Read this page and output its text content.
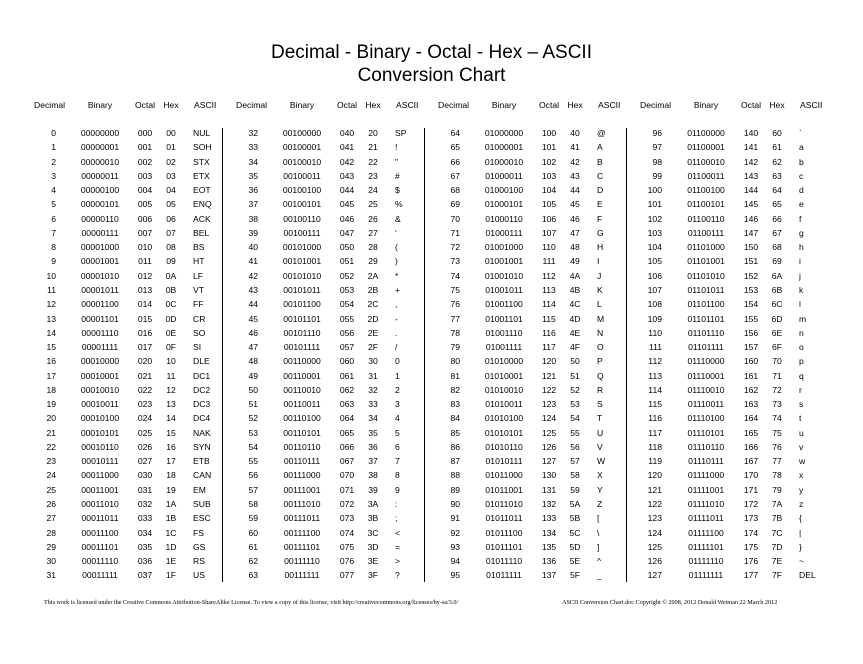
Decimal - Binary - Octal - Hex – ASCII
Conversion Chart
Decimal	Binary	Octal Hex	ASCII
0	00000000	000	00	NUL
1	00000001	001	01	SOH
2	00000010	002	02	STX
3	00000011	003	03	ETX
4	00000100	004	04	EOT
5	00000101	005	05	ENQ
6	00000110	006	06	ACK
7	00000111	007	07	BEL
8	00001000	010	08	BS
9	00001001	011	09	HT
10	00001010	012	0A	LF
11	00001011	013	0B	VT
12	00001100	014	0C	FF
13	00001101	015	0D	CR
14	00001110	016	0E	SO
15	00001111	017	0F	SI
16	00010000	020	10	DLE
17	00010001	021	11	DC1
18	00010010	022	12	DC2
19	00010011	023	13	DC3
20	00010100	024	14	DC4
21	00010101	025	15	NAK
22	00010110	026	16	SYN
23	00010111	027	17	ETB
24	00011000	030	18	CAN
25	00011001	031	19	EM
26	00011010	032	1A	SUB
27	00011011	033	1B	ESC
28	00011100	034	1C	FS
29	00011101	035	1D	GS
30	00011110	036	1E	RS
31	00011111	037	1F	US
Decimal	Binary	Octal Hex	ASCII
32	00100000	040	20	SP
33	00100001	041	21	!
34	00100010	042	22	"
35	00100011	043	23	#
36	00100100	044	24	$
37	00100101	045	25	%
38	00100110	046	26	&
39	00100111	047	27	'
40	00101000	050	28	(
41	00101001	051	29	)
42	00101010	052	2A	*
43	00101011	053	2B	+
44	00101100	054	2C	,
45	00101101	055	2D	-
46	00101110	056	2E	.
47	00101111	057	2F	/
48	00110000	060	30	0
49	00110001	061	31	1
50	00110010	062	32	2
51	00110011	063	33	3
52	00110100	064	34	4
53	00110101	065	35	5
54	00110110	066	36	6
55	00110111	067	37	7
56	00111000	070	38	8
57	00111001	071	39	9
58	00111010	072	3A	:
59	00111011	073	3B	;
60	00111100	074	3C	<
61	00111101	075	3D	=
62	00111110	076	3E	>
63	00111111	077	3F	?
Decimal	Binary	Octal Hex	ASCII
64	01000000	100	40	@
65	01000001	101	41	A
66	01000010	102	42	B
67	01000011	103	43	C
68	01000100	104	44	D
69	01000101	105	45	E
70	01000110	106	46	F
71	01000111	107	47	G
72	01001000	110	48	H
73	01001001	111	49	I
74	01001010	112	4A	J
75	01001011	113	4B	K
76	01001100	114	4C	L
77	01001101	115	4D	M
78	01001110	116	4E	N
79	01001111	117	4F	O
80	01010000	120	50	P
81	01010001	121	51	Q
82	01010010	122	52	R
83	01010011	123	53	S
84	01010100	124	54	T
85	01010101	125	55	U
86	01010110	126	56	V
87	01010111	127	57	W
88	01011000	130	58	X
89	01011001	131	59	Y
90	01011010	132	5A	Z
91	01011011	133	5B	[
92	01011100	134	5C	\
93	01011101	135	5D	]
94	01011110	136	5E	^
95	01011111	137	5F	_
Decimal	Binary	Octal Hex	ASCII
96	01100000	140	60	`
97	01100001	141	61	a
98	01100010	142	62	b
99	01100011	143	63	c
100	01100100	144	64	d
101	01100101	145	65	e
102	01100110	146	66	f
103	01100111	147	67	g
104	01101000	150	68	h
105	01101001	151	69	i
106	01101010	152	6A	j
107	01101011	153	6B	k
108	01101100	154	6C	l
109	01101101	155	6D	m
110	01101110	156	6E	n
111	01101111	157	6F	o
112	01110000	160	70	p
113	01110001	161	71	q
114	01110010	162	72	r
115	01110011	163	73	s
116	01110100	164	74	t
117	01110101	165	75	u
118	01110110	166	76	v
119	01110111	167	77	w
120	01111000	170	78	x
121	01111001	171	79	y
122	01111010	172	7A	z
123	01111011	173	7B	{
124	01111100	174	7C	|
125	01111101	175	7D	}
126	01111110	176	7E	~
127	01111111	177	7F	DEL
This work is licensed under the Creative Commons Attribution-ShareAlike License. To view a copy of this license, visit http://creativecommons.org/licenses/by-sa/3.0/	ASCII Conversion Chart.doc Copyright © 2008, 2012 Donald Weiman 22 March 2012
